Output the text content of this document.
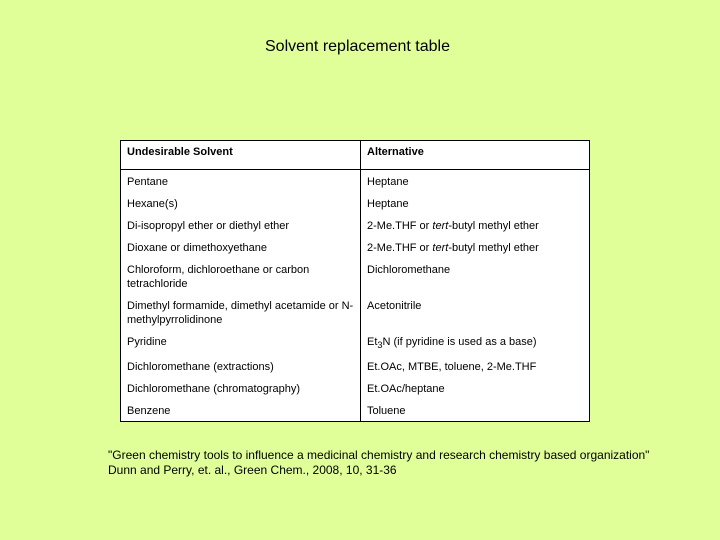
Solvent replacement table
Undesirable Solvent	Alternative
Pentane	Heptane
Hexane(s)	Heptane
Di-isopropyl ether or diethyl ether	2-Me.THF or tert-butyl methyl ether
Dioxane or dimethoxyethane	2-Me.THF or tert-butyl methyl ether
Chloroform, dichloroethane or carbon tetrachloride	Dichloromethane
Dimethyl formamide, dimethyl acetamide or N-methylpyrrolidinone	Acetonitrile
Pyridine	$Et_3N$ (if pyridine is used as a base)
Dichloromethane (extractions)	Et.OAc, MTBE, toluene, 2-Me.THF
Dichloromethane (chromatography)	Et.OAc/heptane
Benzene	Toluene
"Green chemistry tools to influence a medicinal chemistry and research chemistry based organization"
Dunn and Perry, et. al., Green Chem., 2008, 10, 31-36
